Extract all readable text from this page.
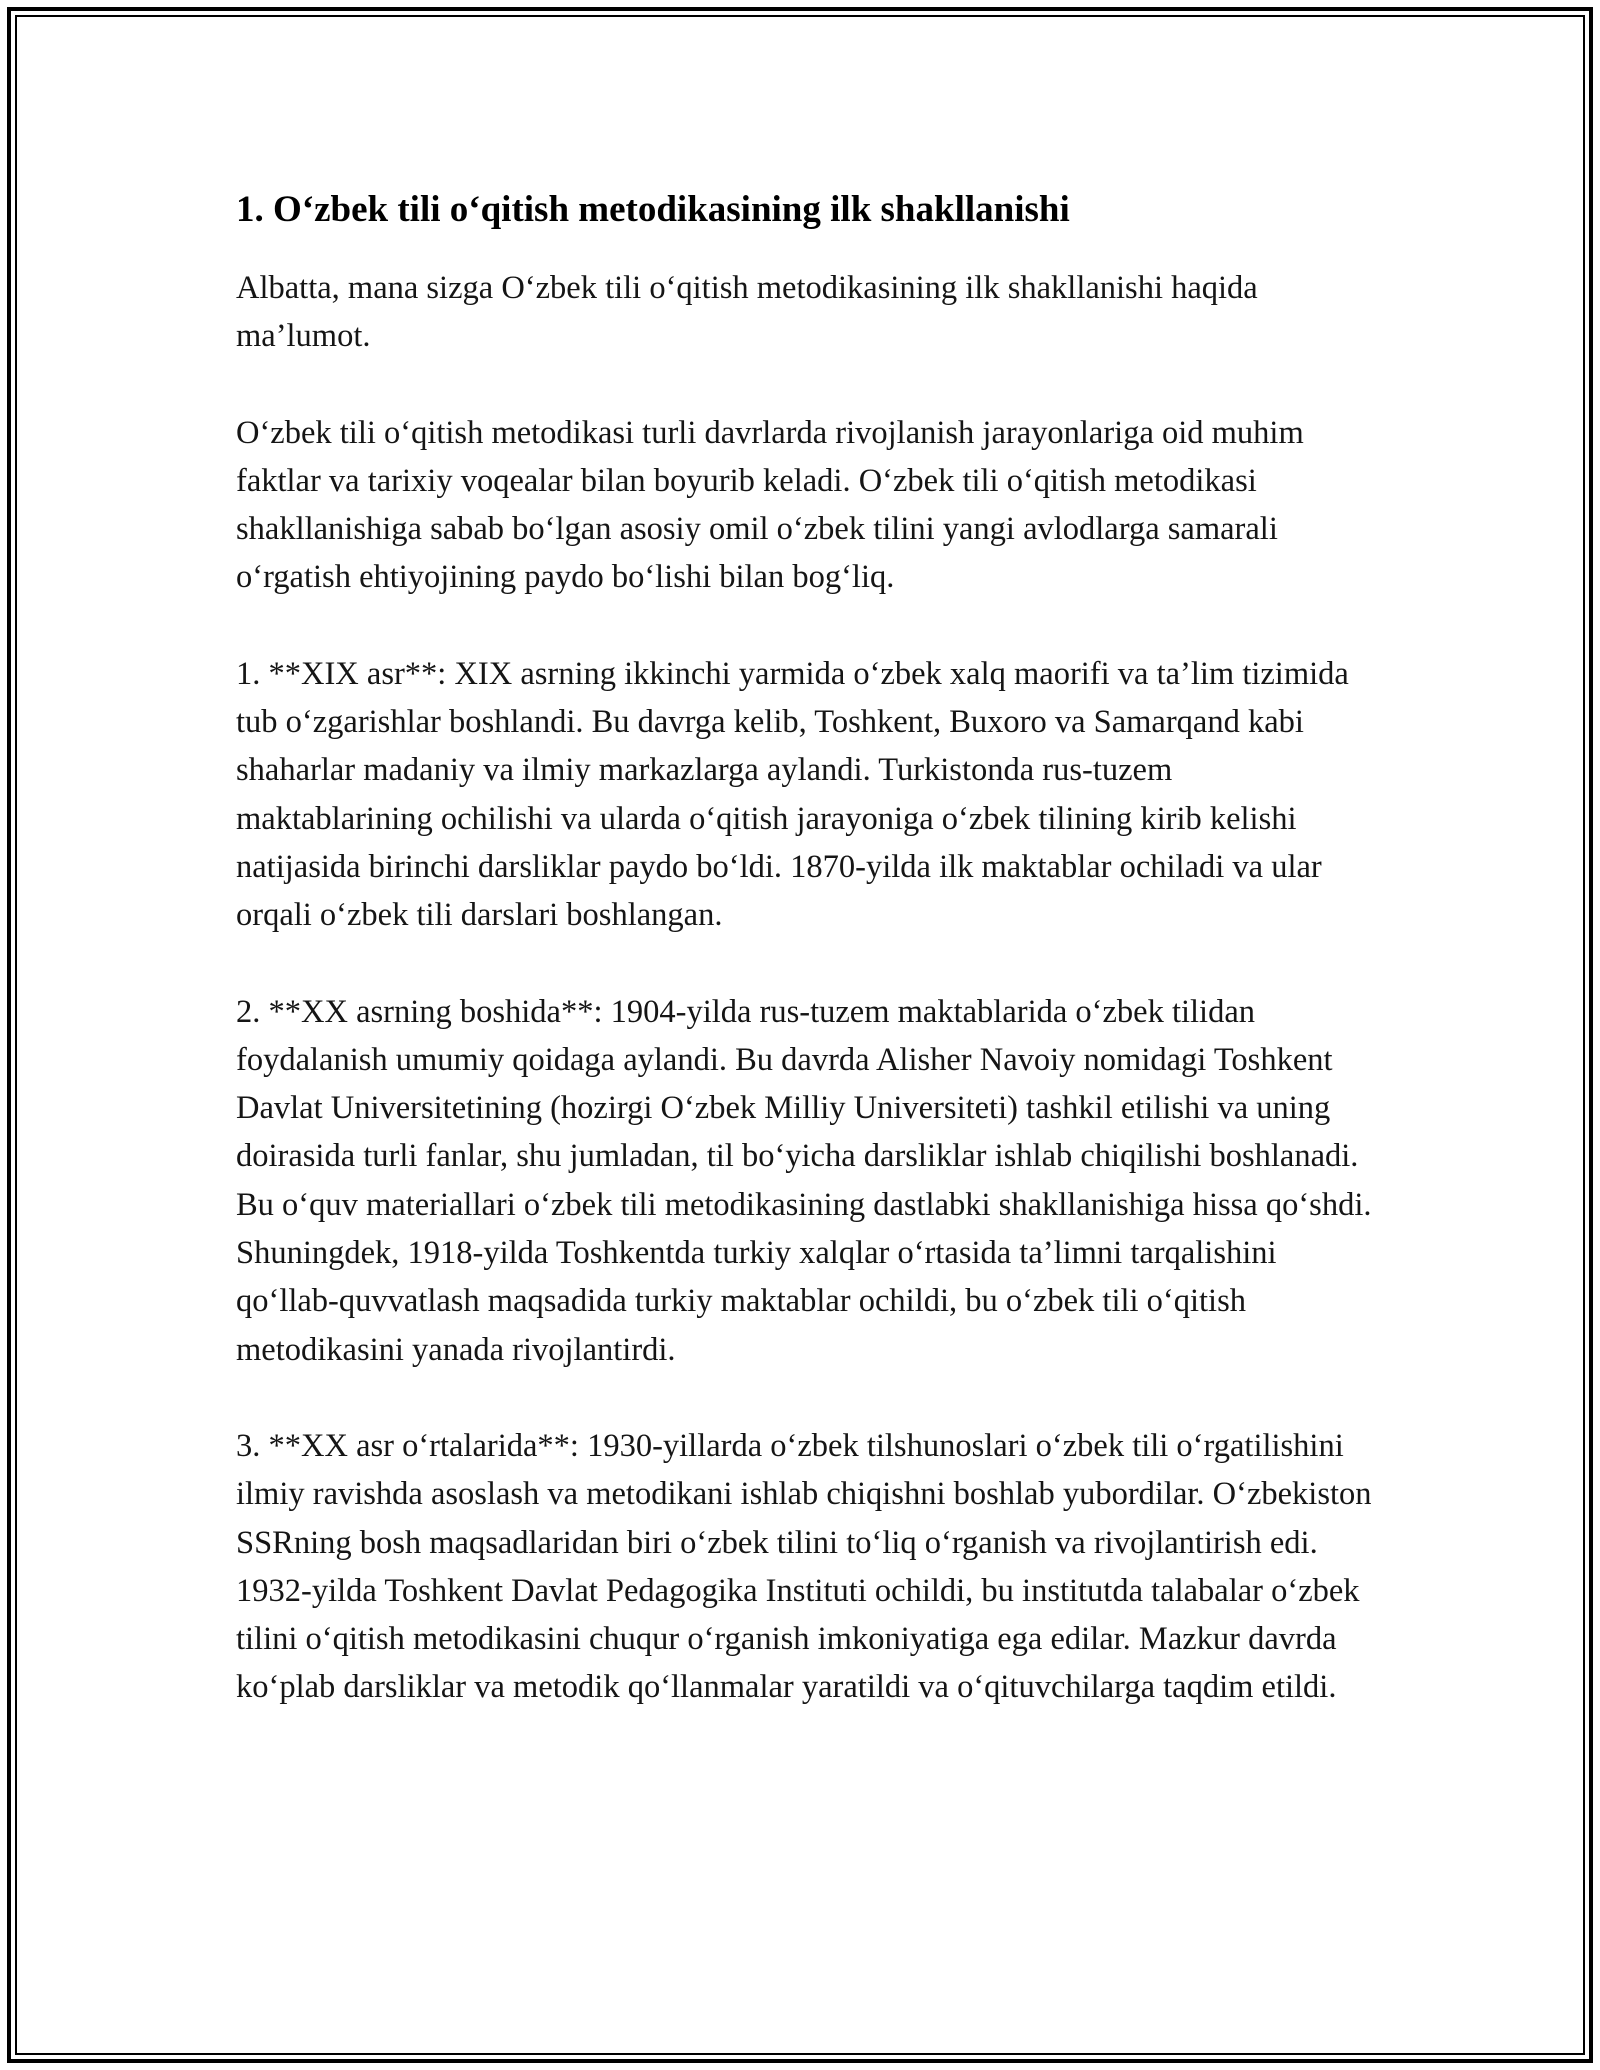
1. O‘zbek tili o‘qitish metodikasining ilk shakllanishi

Albatta, mana sizga O‘zbek tili o‘qitish metodikasining ilk shakllanishi haqida ma’lumot.

O‘zbek tili o‘qitish metodikasi turli davrlarda rivojlanish jarayonlariga oid muhim faktlar va tarixiy voqealar bilan boyurib keladi. O‘zbek tili o‘qitish metodikasi shakllanishiga sabab bo‘lgan asosiy omil o‘zbek tilini yangi avlodlarga samarali o‘rgatish ehtiyojining paydo bo‘lishi bilan bog‘liq.

1. **XIX asr**: XIX asrning ikkinchi yarmida o‘zbek xalq maorifi va ta’lim tizimida tub o‘zgarishlar boshlandi. Bu davrga kelib, Toshkent, Buxoro va Samarqand kabi shaharlar madaniy va ilmiy markazlarga aylandi. Turkistonda rus-tuzem maktablarining ochilishi va ularda o‘qitish jarayoniga o‘zbek tilining kirib kelishi natijasida birinchi darsliklar paydo bo‘ldi. 1870-yilda ilk maktablar ochiladi va ular orqali o‘zbek tili darslari boshlangan.

2. **XX asrning boshida**: 1904-yilda rus-tuzem maktablarida o‘zbek tilidan foydalanish umumiy qoidaga aylandi. Bu davrda Alisher Navoiy nomidagi Toshkent Davlat Universitetining (hozirgi O‘zbek Milliy Universiteti) tashkil etilishi va uning doirasida turli fanlar, shu jumladan, til bo‘yicha darsliklar ishlab chiqilishi boshlanadi. Bu o‘quv materiallari o‘zbek tili metodikasining dastlabki shakllanishiga hissa qo‘shdi. Shuningdek, 1918-yilda Toshkentda turkiy xalqlar o‘rtasida ta’limni tarqalishini qo‘llab-quvvatlash maqsadida turkiy maktablar ochildi, bu o‘zbek tili o‘qitish metodikasini yanada rivojlantirdi.

3. **XX asr o‘rtalarida**: 1930-yillarda o‘zbek tilshunoslari o‘zbek tili o‘rgatilishini ilmiy ravishda asoslash va metodikani ishlab chiqishni boshlab yubordilar. O‘zbekiston SSRning bosh maqsadlaridan biri o‘zbek tilini to‘liq o‘rganish va rivojlantirish edi. 1932-yilda Toshkent Davlat Pedagogika Instituti ochildi, bu institutda talabalar o‘zbek tilini o‘qitish metodikasini chuqur o‘rganish imkoniyatiga ega edilar. Mazkur davrda ko‘plab darsliklar va metodik qo‘llanmalar yaratildi va o‘qituvchilarga taqdim etildi.
